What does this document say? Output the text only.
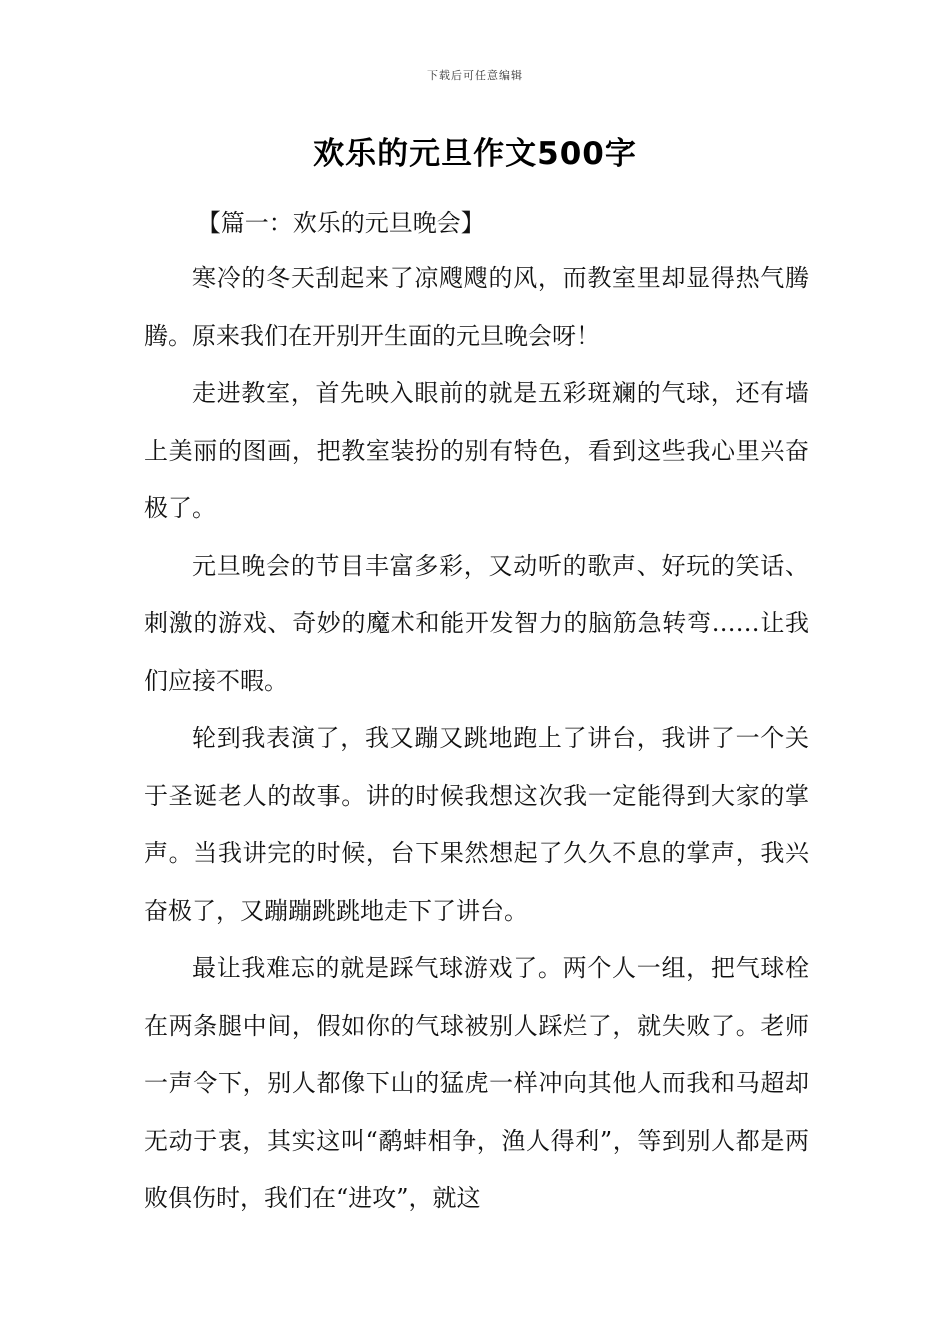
下载后可任意编辑
欢乐的元旦作文500字

【篇一：欢乐的元旦晚会】

寒冷的冬天刮起来了凉飕飕的风，而教室里却显得热气腾腾。原来我们在开别开生面的元旦晚会呀！

走进教室，首先映入眼前的就是五彩斑斓的气球，还有墙上美丽的图画，把教室装扮的别有特色，看到这些我心里兴奋极了。

元旦晚会的节目丰富多彩，又动听的歌声、好玩的笑话、刺激的游戏、奇妙的魔术和能开发智力的脑筋急转弯……让我们应接不暇。

轮到我表演了，我又蹦又跳地跑上了讲台，我讲了一个关于圣诞老人的故事。讲的时候我想这次我一定能得到大家的掌声。当我讲完的时候，台下果然想起了久久不息的掌声，我兴奋极了，又蹦蹦跳跳地走下了讲台。

最让我难忘的就是踩气球游戏了。两个人一组，把气球栓在两条腿中间，假如你的气球被别人踩烂了，就失败了。老师一声令下，别人都像下山的猛虎一样冲向其他人而我和马超却无动于衷，其实这叫“鹬蚌相争，渔人得利”，等到别人都是两败俱伤时，我们在“进攻”，就这
